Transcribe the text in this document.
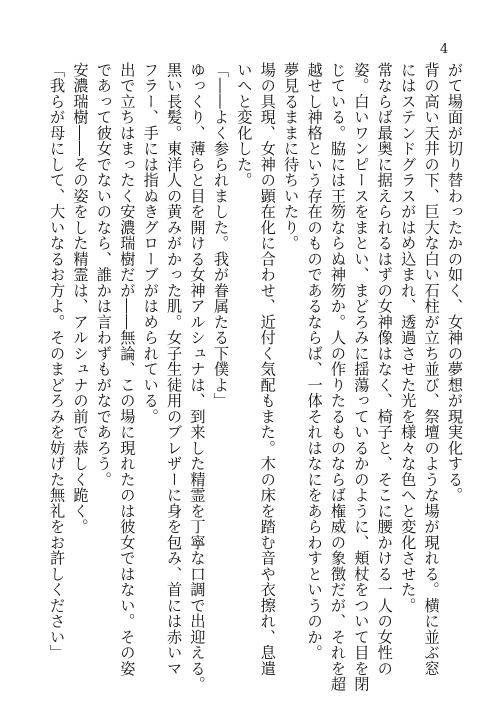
4
がて場面が切り替わったかの如く、女神の夢想が現実化する。
背の高い天井の下、巨大な白い石柱が立ち並び、祭壇のような場が現れる。横に並ぶ窓
にはステンドグラスがはめ込まれ、透過させた光を様々な色へと変化させた。
常ならば最奥に据えられるはずの女神像はなく、椅子と、そこに腰かける一人の女性の
姿。白いワンピースをまとい、まどろみに揺蕩っているかのように、頬杖をついて目を閉
じている。脇には王笏ならぬ神笏か。人の作りたるものならば権威の象徴だが、それを超
越せし神格という存在のものであるならば、一体それはなにをあらわすというのか。
夢見るままに待ちいたり。
場の具現、女神の顕在化に合わせ、近付く気配もまた。木の床を踏む音や衣擦れ、息遣
いへと変化した。
「――よく参られました。我が眷属たる下僕よ」
ゆっくり、薄らと目を開ける女神アルシュナは、到来した精霊を丁寧な口調で出迎える。
黒い長髪。東洋人の黄みがかった肌。女子生徒用のブレザーに身を包み、首には赤いマ
フラー、手には指ぬきグローブがはめられている。
出で立ちはまったく安濃瑞樹だが――無論、この場に現れたのは彼女ではない。その姿
であって彼女でないのなら、誰かは言わずもがなであろう。
安濃瑞樹――その姿をした精霊は、アルシュナの前で恭しく跪く。
「我らが母にして、大いなるお方よ。そのまどろみを妨げた無礼をお許しください」
